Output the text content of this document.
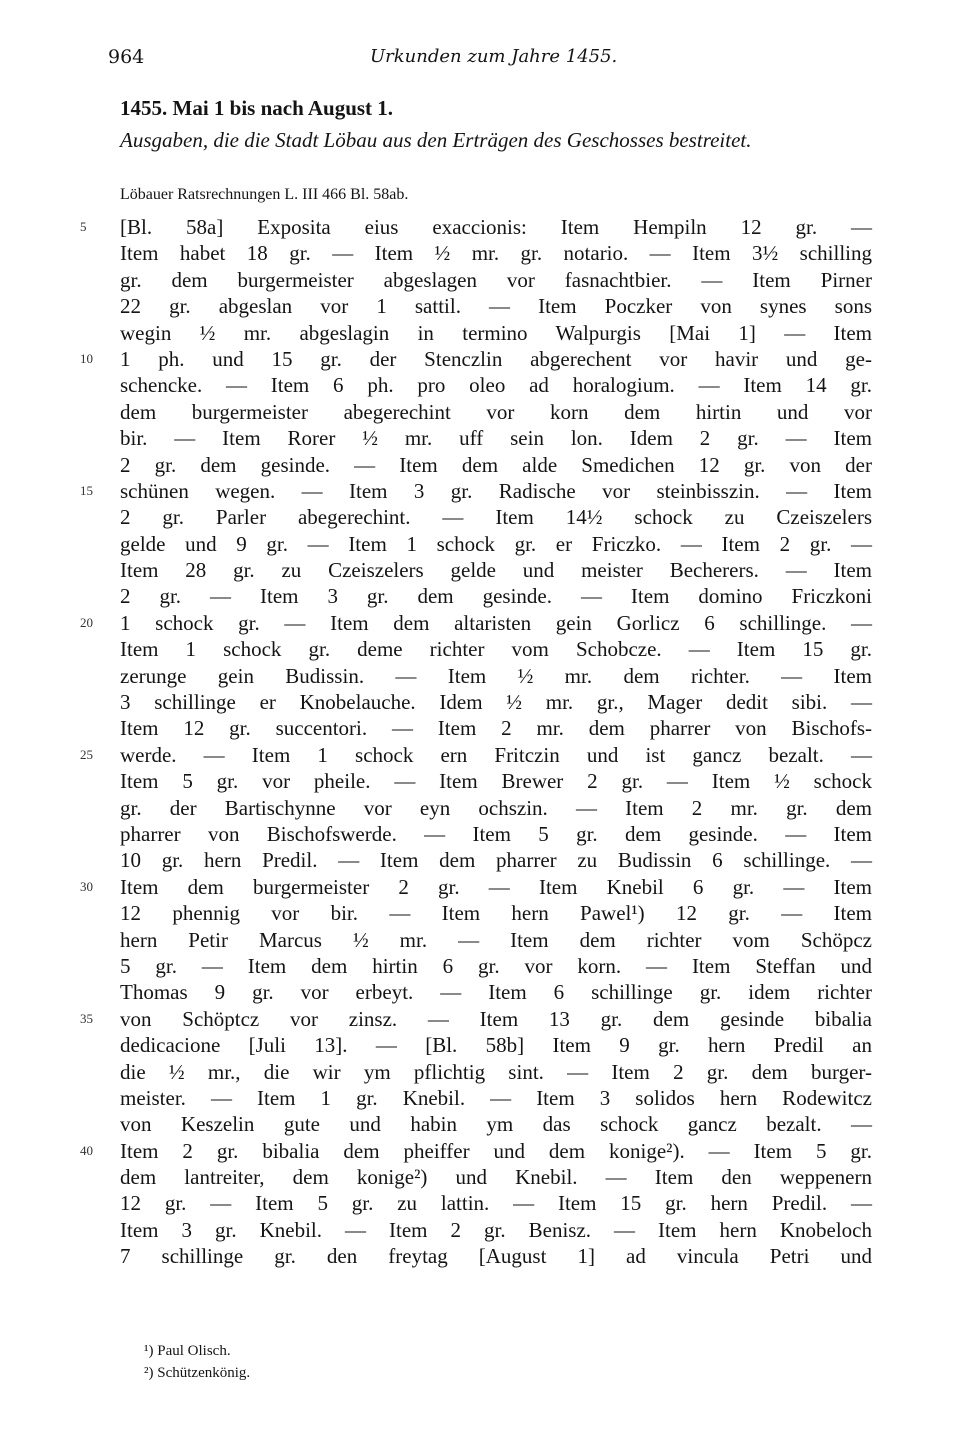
964	Urkunden zum Jahre 1455.
1455. Mai 1 bis nach August 1.
Ausgaben, die die Stadt Löbau aus den Erträgen des Geschosses bestreitet.
Löbauer Ratsrechnungen L. III 466 Bl. 58ab.
5 [Bl. 58a] Exposita eius exaccionis: Item Hempiln 12 gr. —
Item habet 18 gr. — Item ½ mr. gr. notario. — Item 3½ schilling
gr. dem burgermeister abgeslagen vor fasnachtbier. — Item Pirner
22 gr. abgeslan vor 1 sattil. — Item Poczker von synes sons
wegin ½ mr. abgeslagin in termino Walpurgis [Mai 1] — Item
10 1 ph. und 15 gr. der Stenczlin abgerechent vor havir und ge-
schencke. — Item 6 ph. pro oleo ad horalogium. — Item 14 gr.
dem burgermeister abegerechint vor korn dem hirtin und vor
bir. — Item Rorer ½ mr. uff sein lon. Idem 2 gr. — Item
2 gr. dem gesinde. — Item dem alde Smedichen 12 gr. von der
15 schünen wegen. — Item 3 gr. Radische vor steinbisszin. — Item
2 gr. Parler abegerechint. — Item 14½ schock zu Czeiszelers
gelde und 9 gr. — Item 1 schock gr. er Friczko. — Item 2 gr. —
Item 28 gr. zu Czeiszelers gelde und meister Becherers. — Item
2 gr. — Item 3 gr. dem gesinde. — Item domino Friczkoni
20 1 schock gr. — Item dem altaristen gein Gorlicz 6 schillinge. —
Item 1 schock gr. deme richter vom Schobcze. — Item 15 gr.
zerunge gein Budissin. — Item ½ mr. dem richter. — Item
3 schillinge er Knobelauche. Idem ½ mr. gr., Mager dedit sibi. —
Item 12 gr. succentori. — Item 2 mr. dem pharrer von Bischofs-
25 werde. — Item 1 schock ern Fritczin und ist gancz bezalt. —
Item 5 gr. vor pheile. — Item Brewer 2 gr. — Item ½ schock
gr. der Bartischynne vor eyn ochszin. — Item 2 mr. gr. dem
pharrer von Bischofswerde. — Item 5 gr. dem gesinde. — Item
10 gr. hern Predil. — Item dem pharrer zu Budissin 6 schillinge. —
30 Item dem burgermeister 2 gr. — Item Knebil 6 gr. — Item
12 phennig vor bir. — Item hern Pawel¹) 12 gr. — Item
hern Petir Marcus ½ mr. — Item dem richter vom Schöpcz
5 gr. — Item dem hirtin 6 gr. vor korn. — Item Steffan und
Thomas 9 gr. vor erbeyt. — Item 6 schillinge gr. idem richter
35 von Schöptcz vor zinsz. — Item 13 gr. dem gesinde bibalia
dedicacione [Juli 13]. — [Bl. 58b] Item 9 gr. hern Predil an
die ½ mr., die wir ym pflichtig sint. — Item 2 gr. dem burger-
meister. — Item 1 gr. Knebil. — Item 3 solidos hern Rodewitcz
von Keszelin gute und habin ym das schock gancz bezalt. —
40 Item 2 gr. bibalia dem pheiffer und dem konige²). — Item 5 gr.
dem lantreiter, dem konige²) und Knebil. — Item den weppenern
12 gr. — Item 5 gr. zu lattin. — Item 15 gr. hern Predil. —
Item 3 gr. Knebil. — Item 2 gr. Benisz. — Item hern Knobeloch
7 schillinge gr. den freytag [August 1] ad vincula Petri und
¹) Paul Olisch.
²) Schützenkönig.
